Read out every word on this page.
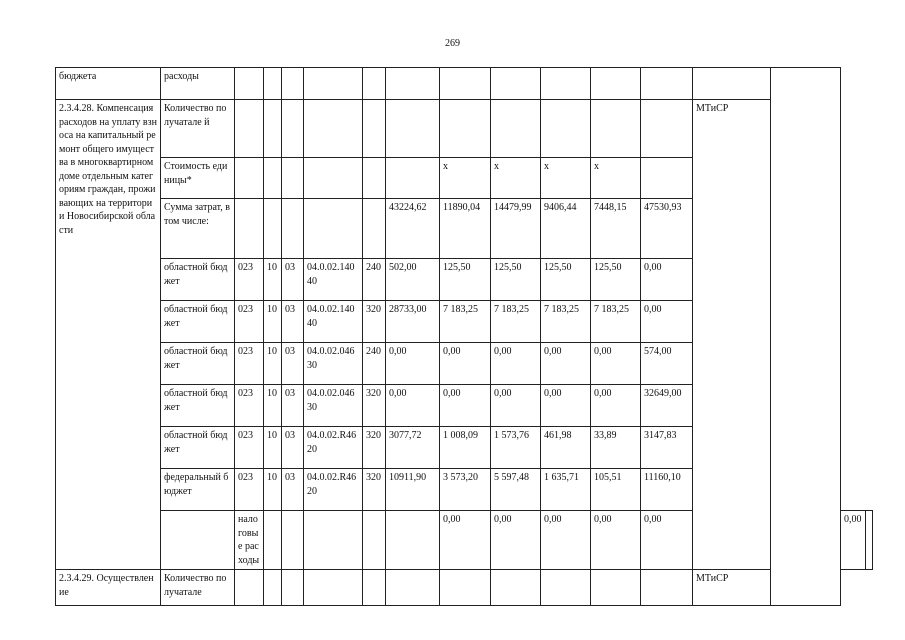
269
бюджета	расходы															
2.3.4.28. Компенсация расходов на уплату взноса на капитальный ремонт общего имущества в многоквартирном доме отдельным категориям граждан, проживающих на территории Новосибирской области	Количество получатале й												МТиСР			
	Стоимость единицы*							x	x	x	x					
	Сумма затрат, в том числе:						43224,62	11890,04	14479,99	9406,44	7448,15	47530,93				
	областной бюджет	023	10	03	04.0.02.14040	240	502,00	125,50	125,50	125,50	125,50	0,00				
	областной бюджет	023	10	03	04.0.02.14040	320	28733,00	7 183,25	7 183,25	7 183,25	7 183,25	0,00				
	областной бюджет	023	10	03	04.0.02.04630	240	0,00	0,00	0,00	0,00	0,00	574,00				
	областной бюджет	023	10	03	04.0.02.04630	320	0,00	0,00	0,00	0,00	0,00	32649,00				
	областной бюджет	023	10	03	04.0.02.R4620	320	3077,72	1 008,09	1 573,76	461,98	33,89	3147,83				
	федеральный бюджет	023	10	03	04.0.02.R4620	320	10911,90	3 573,20	5 597,48	1 635,71	105,51	11160,10				
		налоговые расходы						0,00	0,00	0,00	0,00	0,00			0,00	
2.3.4.29. Осуществление	Количество получатале												МТиСР			
